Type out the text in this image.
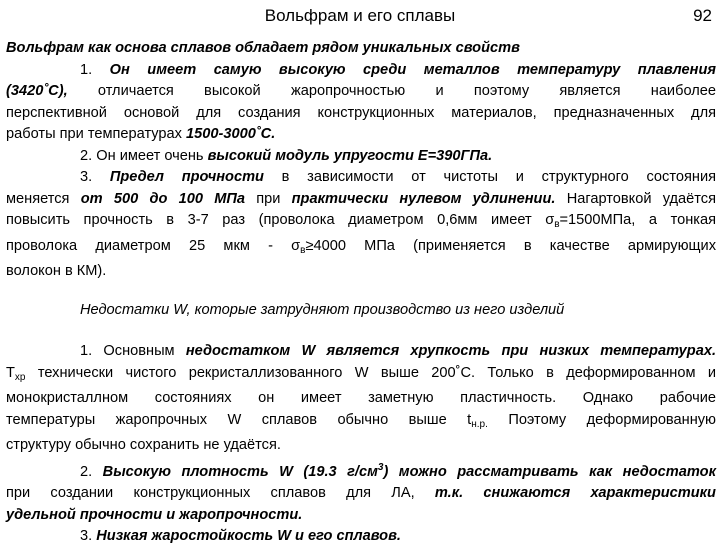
Вольфрам и его сплавы	92
Вольфрам как основа сплавов обладает рядом уникальных свойств
1. Он имеет самую высокую среди металлов температуру плавления
(3420˚С), отличается высокой жаропрочностью и поэтому является наиболее
перспективной основой для создания конструкционных материалов, предназначенных для
работы при температурах 1500-3000˚С.
2. Он имеет очень высокий модуль упругости E=390ГПа.
3. Предел прочности в зависимости от чистоты и структурного состояния
меняется от 500 до 100 МПа при практически нулевом удлинении. Нагартовкой удаётся
повысить прочность в 3-7 раз (проволока диаметром 0,6мм имеет $\sigma_в=1500МПа$, а тонкая
проволока диаметром 25 мкм - $\sigma_в\ge 4000$ МПа (применяется в качестве армирующих
волокон в КМ).
Недостатки W, которые затрудняют производство из него изделий
1. Основным недостатком W является хрупкость при низких температурах.
$T_{хр}$ технически чистого рекристаллизованного W выше 200˚С. Только в деформированном и
монокристаллном состояниях он имеет заметную пластичность. Однако рабочие
температуры жаропрочных W сплавов обычно выше $t_{н.р.}$ Поэтому деформированную
структуру обычно сохранить не удаётся.
2. Высокую плотность W (19.3 $г/см^3$) можно рассматривать как недостаток
при создании конструкционных сплавов для ЛА, т.к. снижаются характеристики
удельной прочности и жаропрочности.
3. Низкая жаростойкость W и его сплавов.
